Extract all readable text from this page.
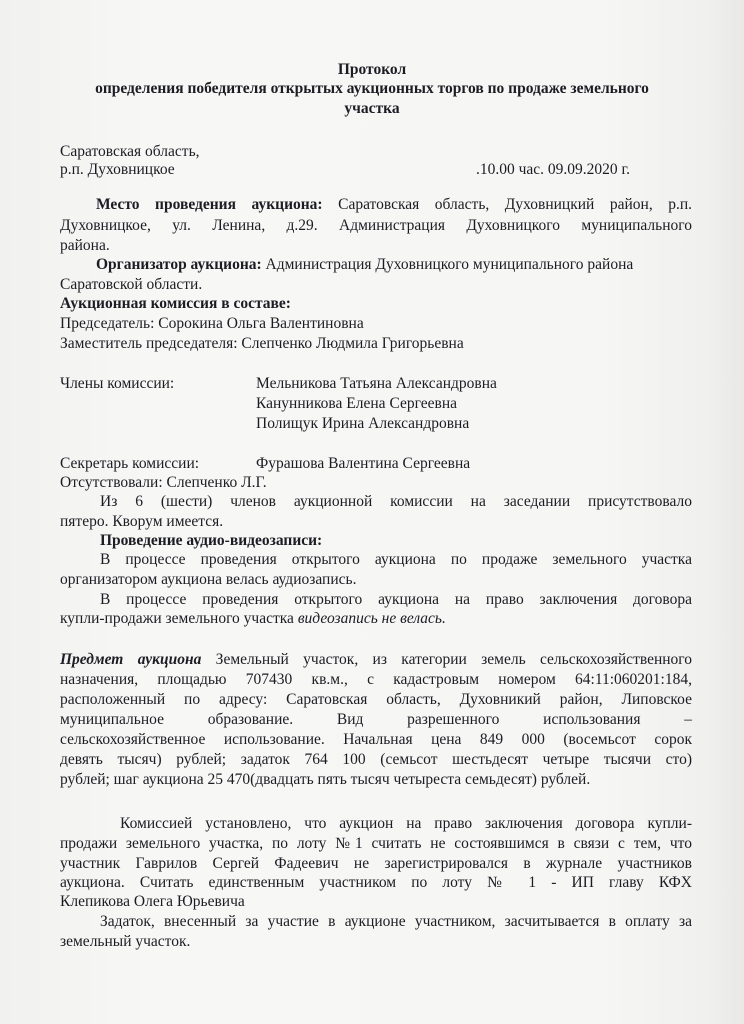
Протокол
определения победителя открытых аукционных торгов по продаже земельного
участка
Саратовская область,
р.п. Духовницкое	.10.00 час. 09.09.2020 г.
Место проведения аукциона: Саратовская область, Духовницкий район, р.п.
Духовницкое, ул. Ленина, д.29. Администрация Духовницкого муниципального
района.
Организатор аукциона: Администрация Духовницкого муниципального района
Саратовской области.
Аукционная комиссия в составе:
Председатель: Сорокина Ольга Валентиновна
Заместитель председателя: Слепченко Людмила Григорьевна
Члены комиссии:	Мельникова Татьяна Александровна
Канунникова Елена Сергеевна
Полищук Ирина Александровна
Секретарь комиссии:	Фурашова Валентина Сергеевна
Отсутствовали: Слепченко Л.Г.
Из 6 (шести) членов аукционной комиссии на заседании присутствовало
пятеро. Кворум имеется.
Проведение аудио-видеозаписи:
В процессе проведения открытого аукциона по продаже земельного участка
организатором аукциона велась аудиозапись.
В процессе проведения открытого аукциона на право заключения договора
купли-продажи земельного участка видеозапись не велась.
Предмет аукциона Земельный участок, из категории земель сельскохозяйственного
назначения, площадью 707430 кв.м., с кадастровым номером 64:11:060201:184,
расположенный по адресу: Саратовская область, Духовникий район, Липовское
муниципальное образование. Вид разрешенного использования –
сельскохозяйственное использование. Начальная цена 849 000 (восемьсот сорок
девять тысяч) рублей; задаток 764 100 (семьсот шестьдесят четыре тысячи сто)
рублей; шаг аукциона 25 470(двадцать пять тысяч четыреста семьдесят) рублей.
Комиссией установлено, что аукцион на право заключения договора купли-
продажи земельного участка, по лоту №1 считать не состоявшимся в связи с тем, что
участник Гаврилов Сергей Фадеевич не зарегистрировался в журнале участников
аукциона. Считать единственным участником по лоту № 1 - ИП главу КФХ
Клепикова Олега Юрьевича
Задаток, внесенный за участие в аукционе участником, засчитывается в оплату за
земельный участок.
